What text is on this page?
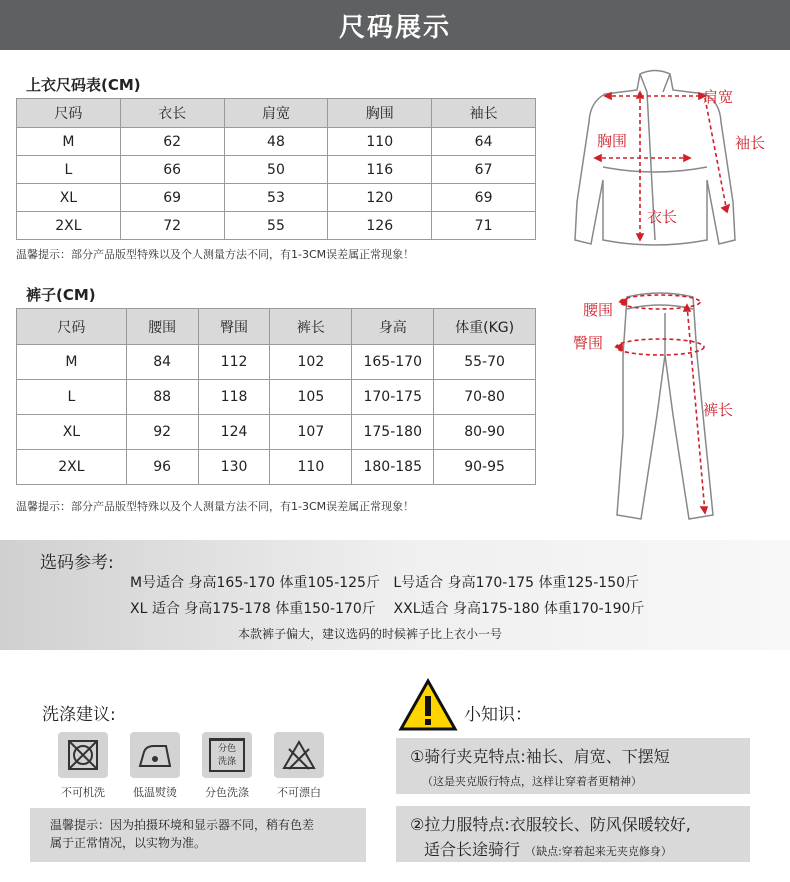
尺码展示
上衣尺码表(CM)
尺码	衣长	肩宽	胸围	袖长
M	62	48	110	64
L	66	50	116	67
XL	69	53	120	69
2XL	72	55	126	71
温馨提示：部分产品版型特殊以及个人测量方法不同，有1-3CM误差属正常现象！
肩宽
袖长
胸围
衣长
裤子(CM)
尺码	腰围	臀围	裤长	身高	体重(KG)
M	84	112	102	165-170	55-70
L	88	118	105	170-175	70-80
XL	92	124	107	175-180	80-90
2XL	96	130	110	180-185	90-95
温馨提示：部分产品版型特殊以及个人测量方法不同，有1-3CM误差属正常现象！
腰围
臀围
裤长
选码参考:
M号适合 身高165-170 体重105-125斤   L号适合 身高170-175 体重125-150斤
XL 适合 身高175-178 体重150-170斤    XXL适合 身高175-180 体重170-190斤
本款裤子偏大，建议选码的时候裤子比上衣小一号
洗涤建议:
不可机洗	低温熨烫
分色
洗涤
分色洗涤	不可漂白
温馨提示：因为拍摄环境和显示器不同，稍有色差
属于正常情况，以实物为准。
小知识：
①骑行夹克特点:袖长、肩宽、下摆短
（这是夹克版行特点，这样让穿着者更精神）
②拉力服特点:衣服较长、防风保暖较好,
适合长途骑行 （缺点:穿着起来无夹克修身）
